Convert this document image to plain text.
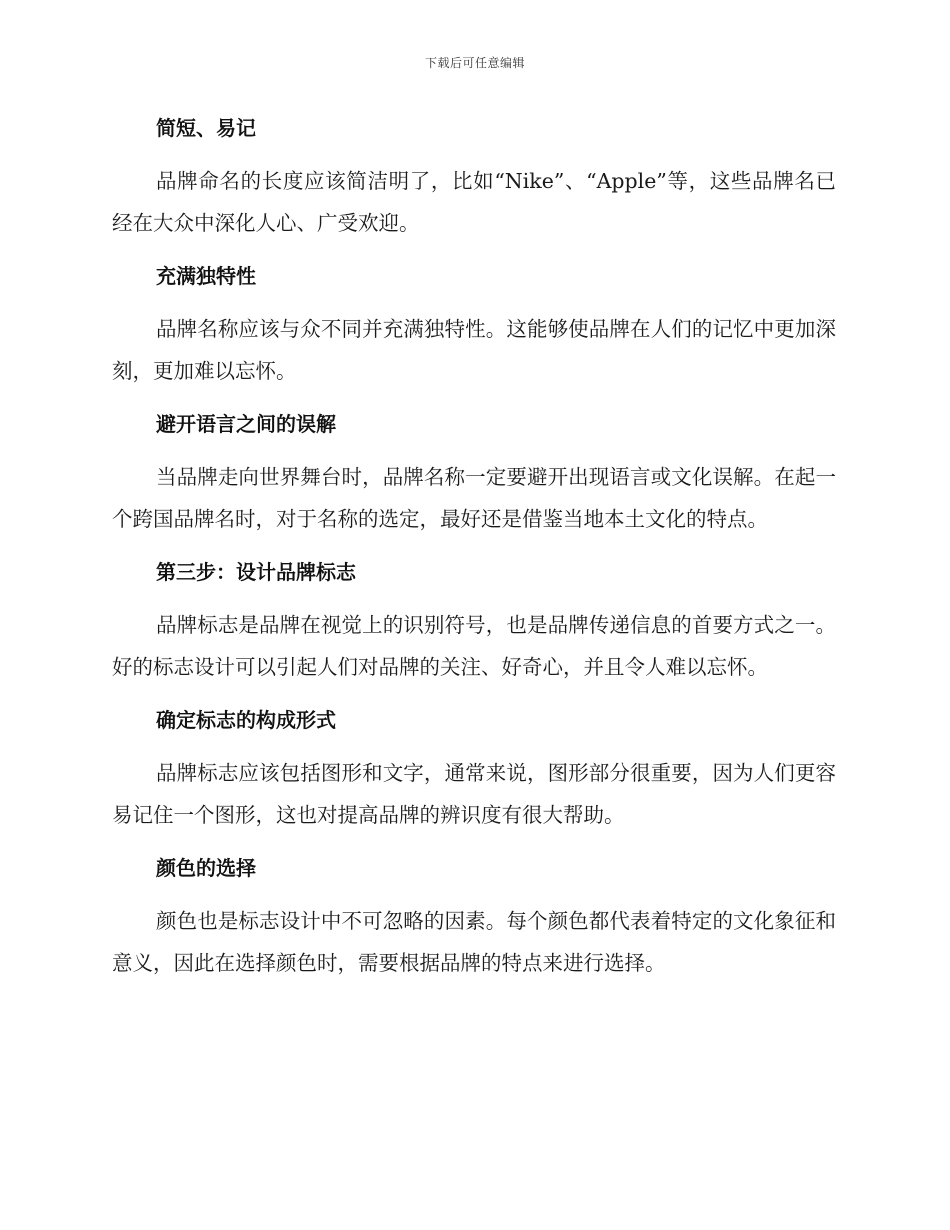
下载后可任意编辑
简短、易记
品牌命名的长度应该简洁明了，比如“Nike”、“Apple”等，这些品牌名已经在大众中深化人心、广受欢迎。
充满独特性
品牌名称应该与众不同并充满独特性。这能够使品牌在人们的记忆中更加深刻，更加难以忘怀。
避开语言之间的误解
当品牌走向世界舞台时，品牌名称一定要避开出现语言或文化误解。在起一个跨国品牌名时，对于名称的选定，最好还是借鉴当地本土文化的特点。
第三步：设计品牌标志
品牌标志是品牌在视觉上的识别符号，也是品牌传递信息的首要方式之一。好的标志设计可以引起人们对品牌的关注、好奇心，并且令人难以忘怀。
确定标志的构成形式
品牌标志应该包括图形和文字，通常来说，图形部分很重要，因为人们更容易记住一个图形，这也对提高品牌的辨识度有很大帮助。
颜色的选择
颜色也是标志设计中不可忽略的因素。每个颜色都代表着特定的文化象征和意义，因此在选择颜色时，需要根据品牌的特点来进行选择。
